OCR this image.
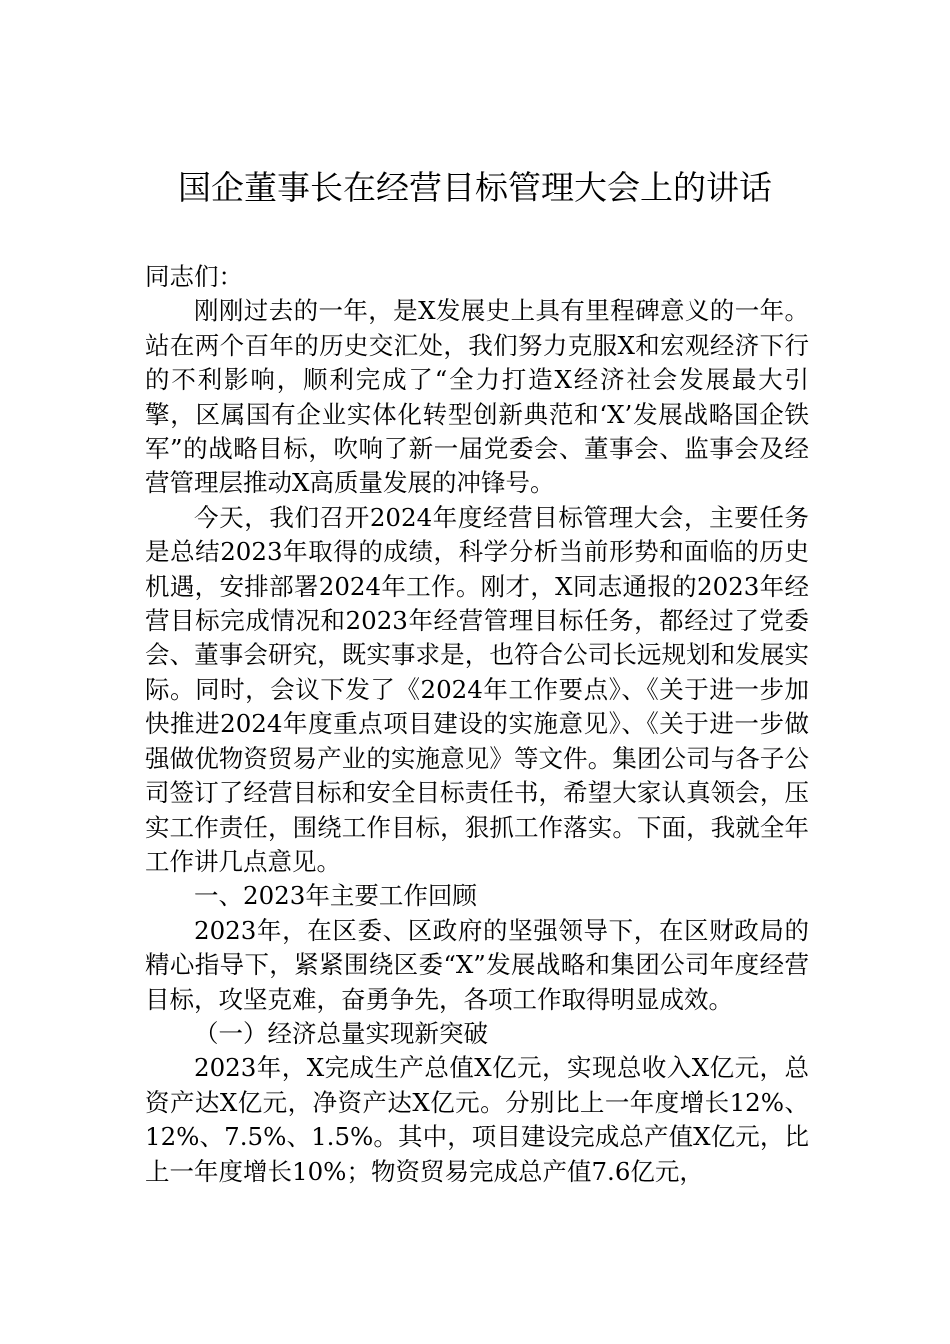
国企董事长在经营目标管理大会上的讲话

同志们：

刚刚过去的一年，是X发展史上具有里程碑意义的一年。站在两个百年的历史交汇处，我们努力克服X和宏观经济下行的不利影响，顺利完成了“全力打造X经济社会发展最大引擎，区属国有企业实体化转型创新典范和‘X’发展战略国企铁军”的战略目标，吹响了新一届党委会、董事会、监事会及经营管理层推动X高质量发展的冲锋号。

今天，我们召开2024年度经营目标管理大会，主要任务是总结2023年取得的成绩，科学分析当前形势和面临的历史机遇，安排部署2024年工作。刚才，X同志通报的2023年经营目标完成情况和2023年经营管理目标任务，都经过了党委会、董事会研究，既实事求是，也符合公司长远规划和发展实际。同时，会议下发了《2024年工作要点》、《关于进一步加快推进2024年度重点项目建设的实施意见》、《关于进一步做强做优物资贸易产业的实施意见》等文件。集团公司与各子公司签订了经营目标和安全目标责任书，希望大家认真领会，压实工作责任，围绕工作目标，狠抓工作落实。下面，我就全年工作讲几点意见。

一、2023年主要工作回顾

2023年，在区委、区政府的坚强领导下，在区财政局的精心指导下，紧紧围绕区委“X”发展战略和集团公司年度经营目标，攻坚克难，奋勇争先，各项工作取得明显成效。

（一）经济总量实现新突破

2023年，X完成生产总值X亿元，实现总收入X亿元，总资产达X亿元，净资产达X亿元。分别比上一年度增长12%、12%、7.5%、1.5%。其中，项目建设完成总产值X亿元，比上一年度增长10%；物资贸易完成总产值7.6亿元，
